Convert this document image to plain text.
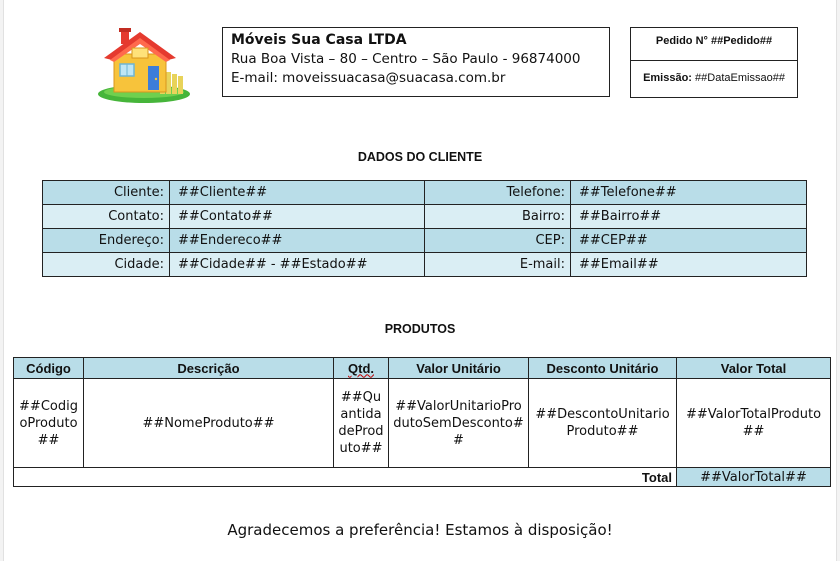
Móveis Sua Casa LTDA
Rua Boa Vista – 80 – Centro – São Paulo - 96874000
E-mail: moveissuacasa@suacasa.com.br
Pedido N° ##Pedido##
Emissão: ##DataEmissao##
DADOS DO CLIENTE
Cliente:	##Cliente##	Telefone:	##Telefone##
Contato:	##Contato##	Bairro:	##Bairro##
Endereço:	##Endereco##	CEP:	##CEP##
Cidade:	##Cidade## - ##Estado##	E-mail:	##Email##
PRODUTOS
Código	Descrição	Qtd.	Valor Unitário	Desconto Unitário	Valor Total
##CodigoProduto##	##NomeProduto##	##QuantidadeProduto##	##ValorUnitarioProdutoSemDesconto##	##DescontoUnitarioProduto##	##ValorTotalProduto##
Total					##ValorTotal##
Agradecemos a preferência! Estamos à disposição!
